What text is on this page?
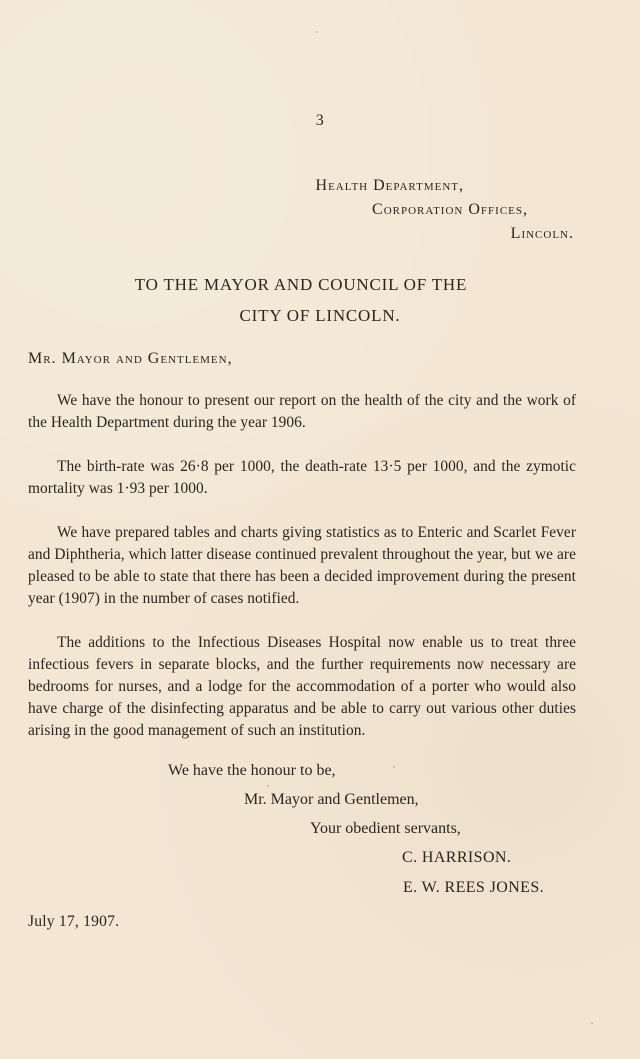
3
Health Department,
Corporation Offices,
Lincoln.
TO THE MAYOR AND COUNCIL OF THE
CITY OF LINCOLN.
Mr. Mayor and Gentlemen,

We have the honour to present our report on the health of the city and the work of the Health Department during the year 1906.

The birth-rate was 26·8 per 1000, the death-rate 13·5 per 1000, and the zymotic mortality was 1·93 per 1000.

We have prepared tables and charts giving statistics as to Enteric and Scarlet Fever and Diphtheria, which latter disease continued prevalent throughout the year, but we are pleased to be able to state that there has been a decided improvement during the present year (1907) in the number of cases notified.

The additions to the Infectious Diseases Hospital now enable us to treat three infectious fevers in separate blocks, and the further requirements now necessary are bedrooms for nurses, and a lodge for the accommodation of a porter who would also have charge of the disinfecting apparatus and be able to carry out various other duties arising in the good management of such an institution.

We have the honour to be,
Mr. Mayor and Gentlemen,
Your obedient servants,
C. HARRISON.
E. W. REES JONES.
July 17, 1907.
